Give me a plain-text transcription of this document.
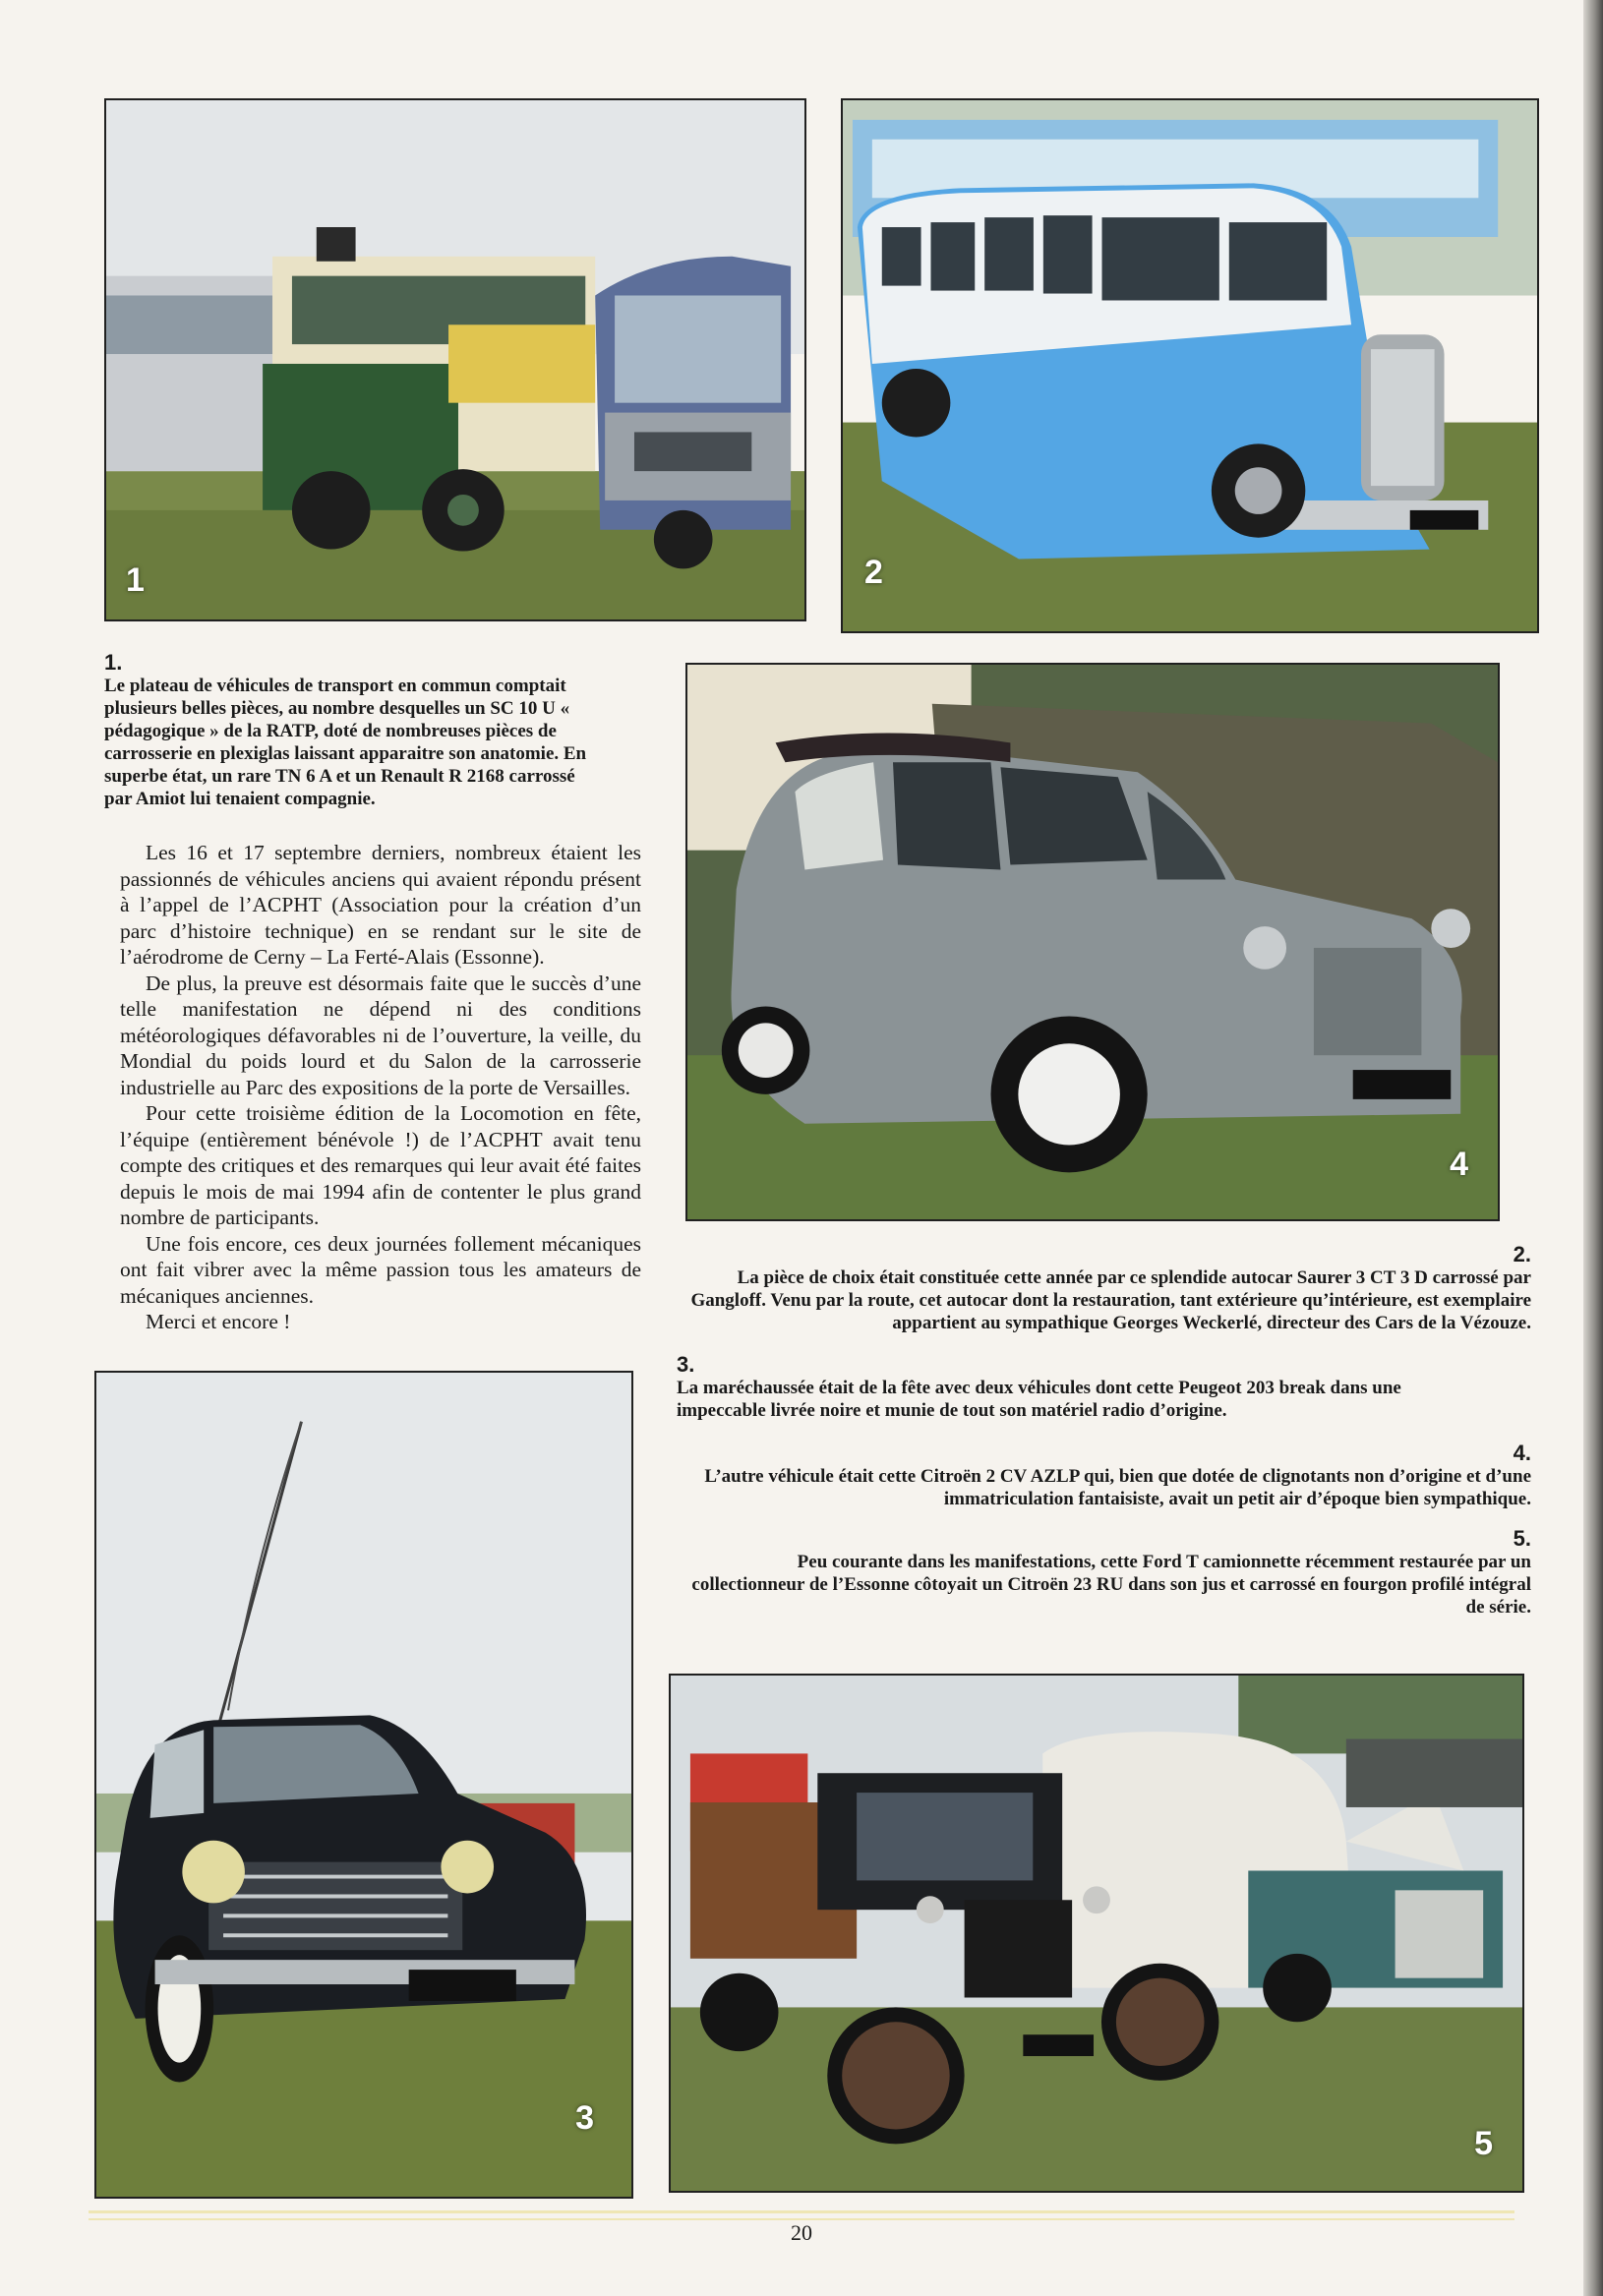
1	2
4
3
5
1.

Le plateau de véhicules de transport en commun comptait plusieurs belles pièces, au nombre desquelles un SC 10 U « pédagogique » de la RATP, doté de nombreuses pièces de carrosserie en plexiglas laissant apparaitre son anatomie. En superbe état, un rare TN 6 A et un Renault R 2168 carrossé par Amiot lui tenaient compagnie.

Les 16 et 17 septembre derniers, nombreux étaient les passionnés de véhicules anciens qui avaient répondu présent à l’appel de l’ACPHT (Association pour la création d’un parc d’histoire technique) en se rendant sur le site de l’aérodrome de Cerny – La Ferté-Alais (Essonne).

De plus, la preuve est désormais faite que le succès d’une telle manifestation ne dépend ni des conditions météorologiques défavorables ni de l’ouverture, la veille, du Mondial du poids lourd et du Salon de la carrosserie industrielle au Parc des expositions de la porte de Versailles.

Pour cette troisième édition de la Locomotion en fête, l’équipe (entièrement bénévole !) de l’ACPHT avait tenu compte des critiques et des remarques qui leur avait été faites depuis le mois de mai 1994 afin de contenter le plus grand nombre de participants.

Une fois encore, ces deux journées follement mécaniques ont fait vibrer avec la même passion tous les amateurs de mécaniques anciennes.

Merci et encore !

2.

La pièce de choix était constituée cette année par ce splendide autocar Saurer 3 CT 3 D carrossé par Gangloff. Venu par la route, cet autocar dont la restauration, tant extérieure qu’intérieure, est exemplaire appartient au sympathique Georges Weckerlé, directeur des Cars de la Vézouze.

3.

La maréchaussée était de la fête avec deux véhicules dont cette Peugeot 203 break dans une impeccable livrée noire et munie de tout son matériel radio d’origine.

4.

L’autre véhicule était cette Citroën 2 CV AZLP qui, bien que dotée de clignotants non d’origine et d’une immatriculation fantaisiste, avait un petit air d’époque bien sympathique.

5.

Peu courante dans les manifestations, cette Ford T camionnette récemment restaurée par un collectionneur de l’Essonne côtoyait un Citroën 23 RU dans son jus et carrossé en fourgon profilé intégral de série.

20
